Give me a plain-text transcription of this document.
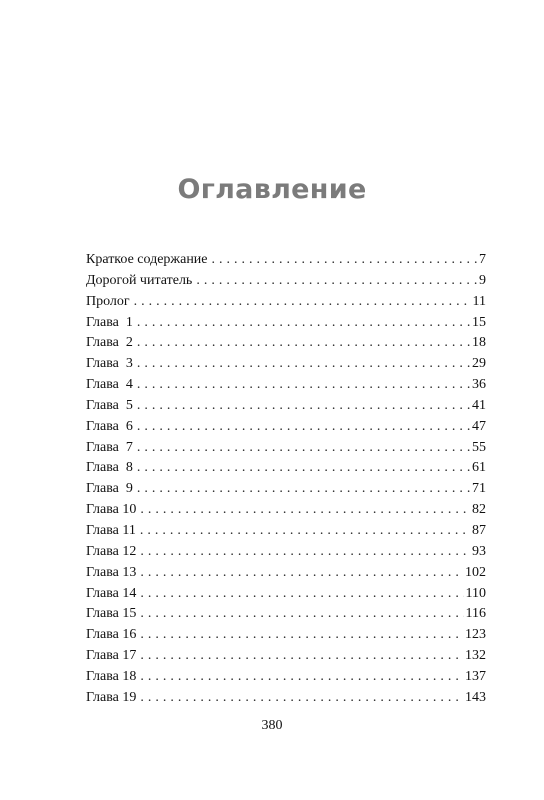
Оглавление
Краткое содержание . . .	7
Дорогой читатель . . .	9
Пролог . . .	11
Глава  1 . . .	15
Глава  2 . . .	18
Глава  3 . . .	29
Глава  4 . . .	36
Глава  5 . . .	41
Глава  6 . . .	47
Глава  7 . . .	55
Глава  8 . . .	61
Глава  9 . . .	71
Глава 10 . . .	82
Глава 11 . . .	87
Глава 12 . . .	93
Глава 13 . . .	102
Глава 14 . . .	110
Глава 15 . . .	116
Глава 16 . . .	123
Глава 17 . . .	132
Глава 18 . . .	137
Глава 19 . . .	143
380
